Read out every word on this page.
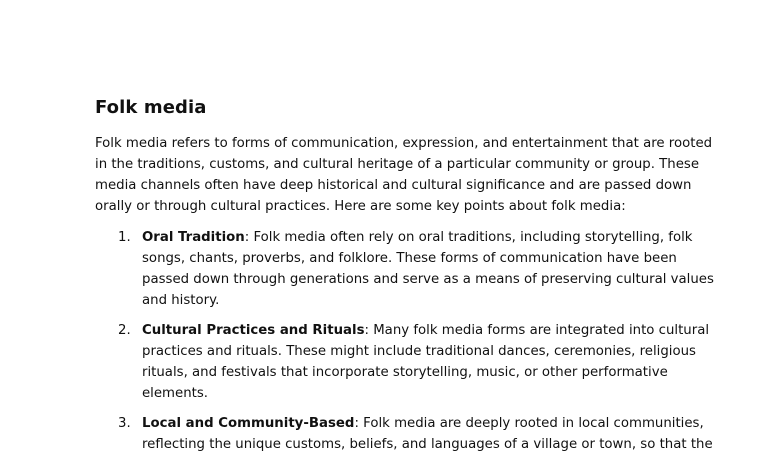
Folk media

Folk media refers to forms of communication, expression, and entertainment that are rooted
in the traditions, customs, and cultural heritage of a particular community or group. These
media channels often have deep historical and cultural significance and are passed down
orally or through cultural practices. Here are some key points about folk media:

1. Oral Tradition: Folk media often rely on oral traditions, including storytelling, folk
songs, chants, proverbs, and folklore. These forms of communication have been
passed down through generations and serve as a means of preserving cultural values
and history.
2. Cultural Practices and Rituals: Many folk media forms are integrated into cultural
practices and rituals. These might include traditional dances, ceremonies, religious
rituals, and festivals that incorporate storytelling, music, or other performative
elements.
3. Local and Community-Based: Folk media are deeply rooted in local communities,
reflecting the unique customs, beliefs, and languages of a village or town, so that the
